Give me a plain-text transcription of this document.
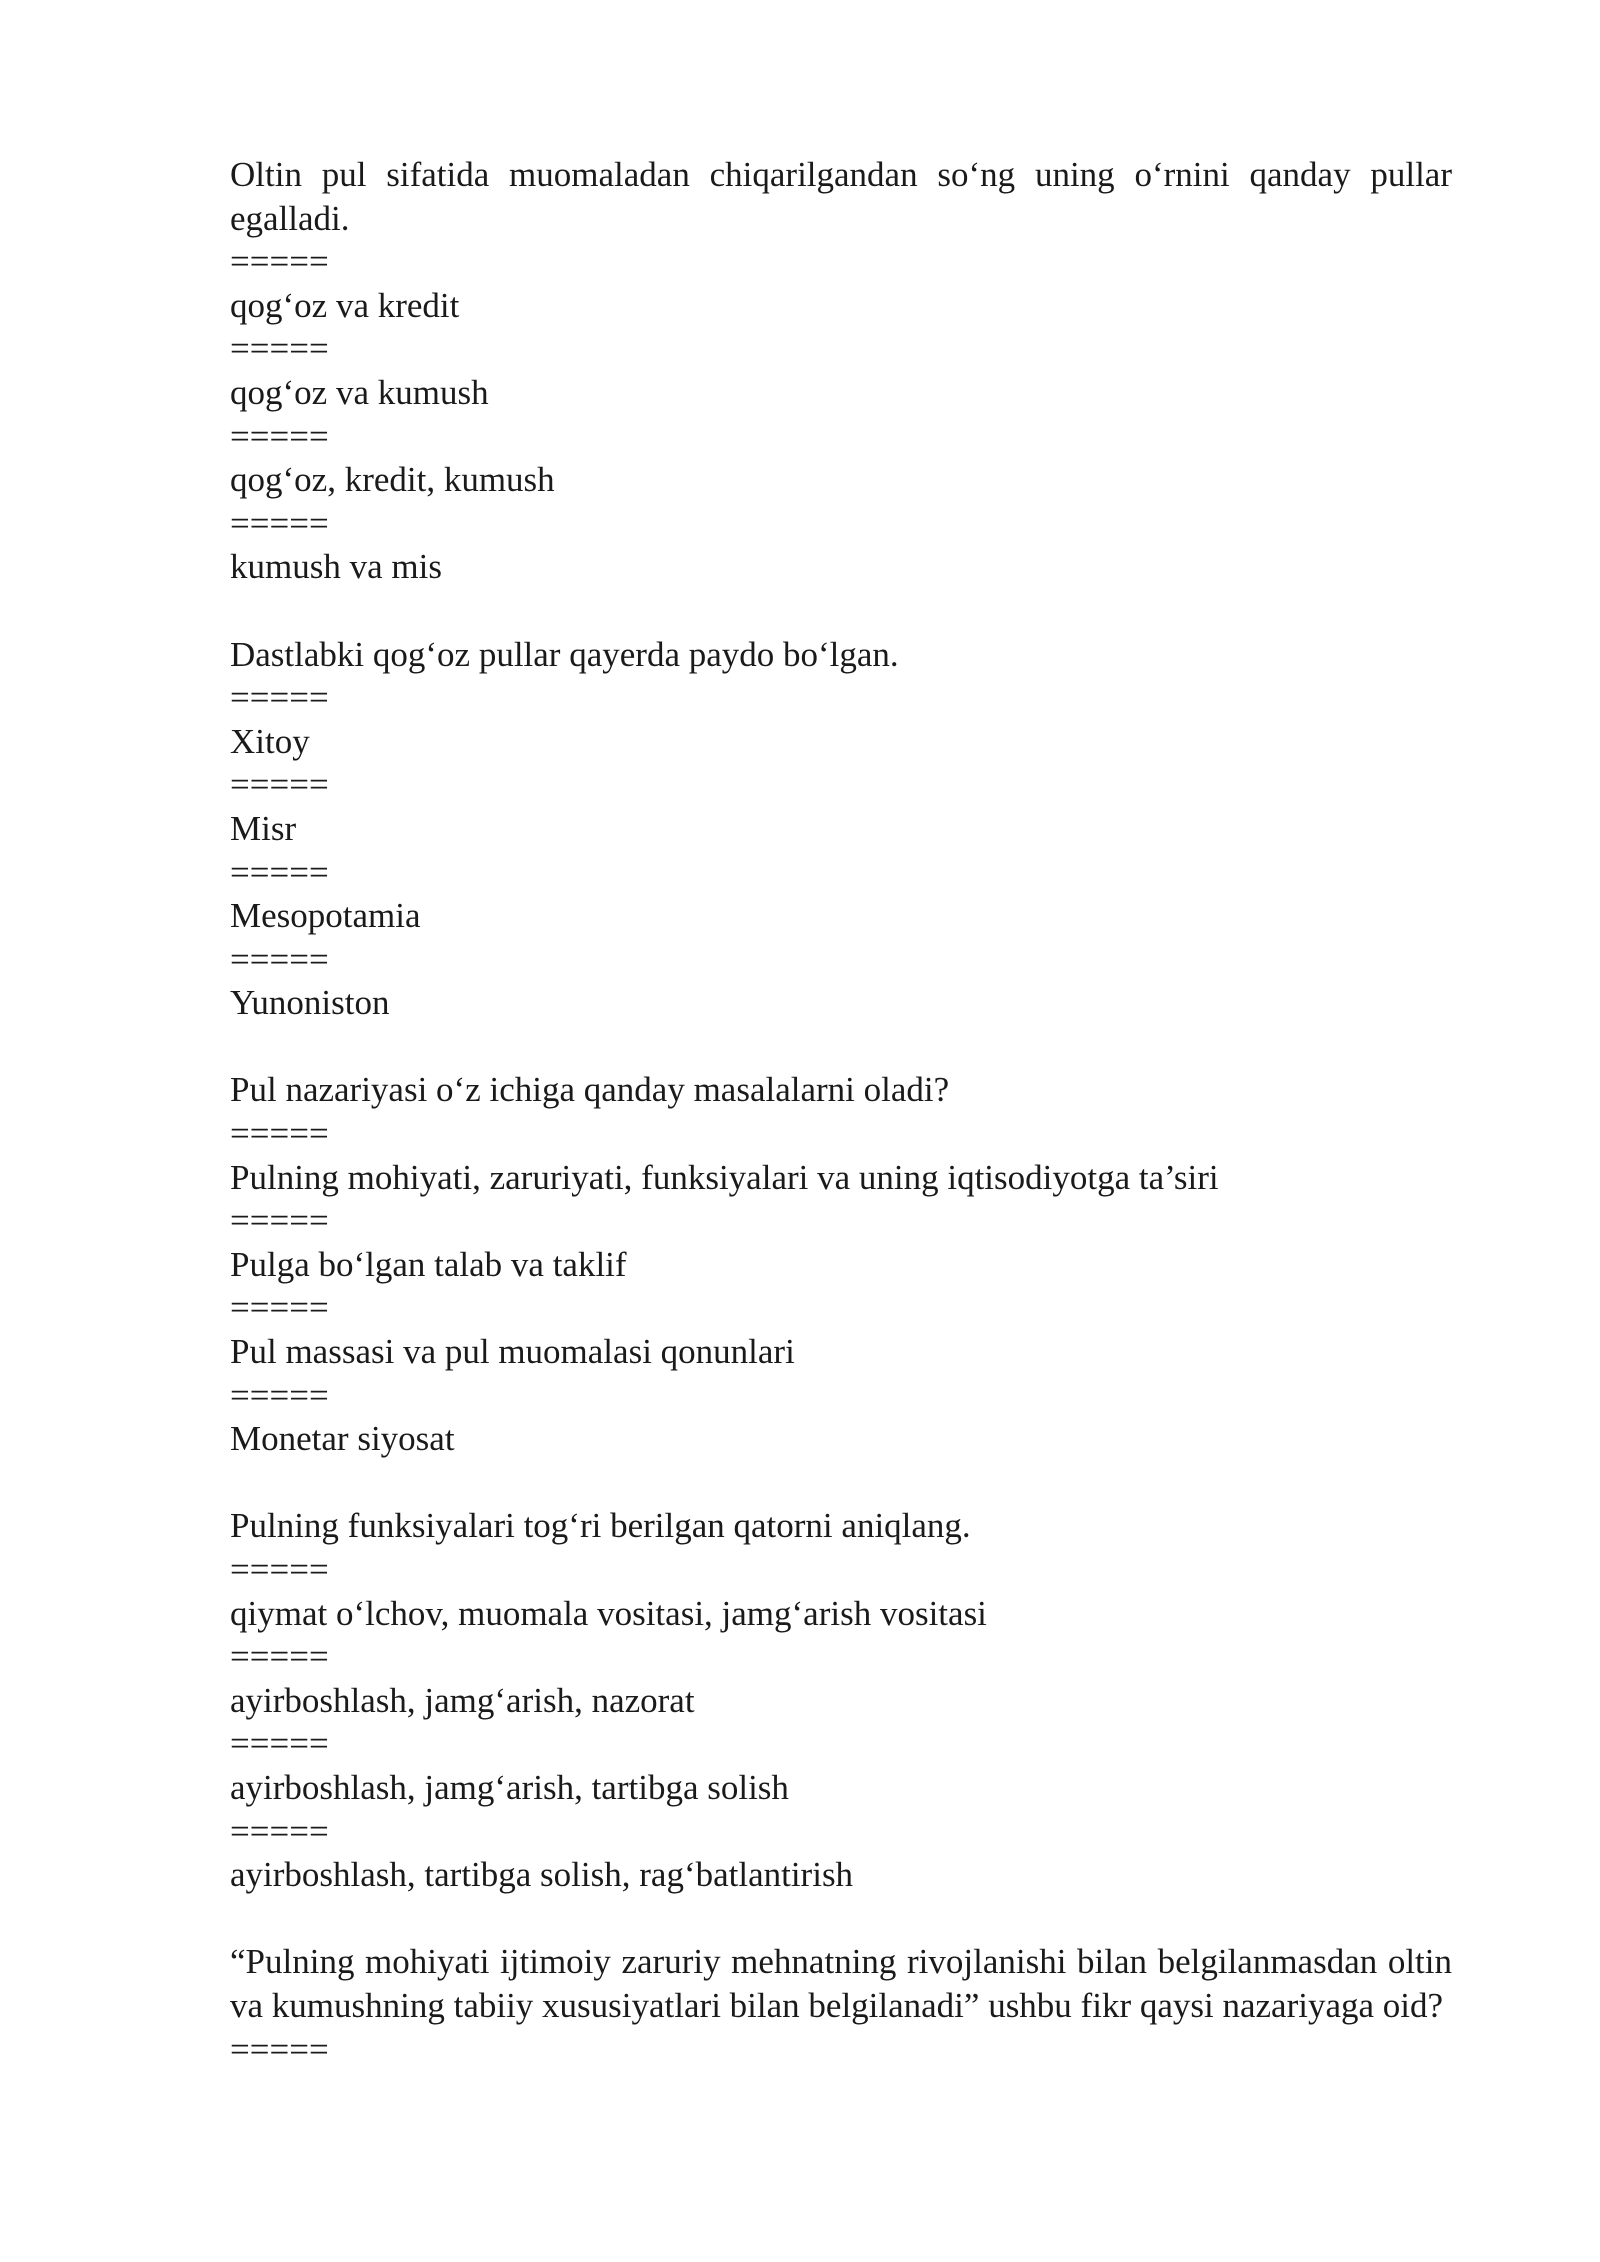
Oltin pul sifatida muomaladan chiqarilgandan so‘ng uning o‘rnini qanday pullar egalladi.
=====
qog‘oz va kredit
=====
qog‘oz va kumush
=====
qog‘oz, kredit, kumush
=====
kumush va mis
Dastlabki qog‘oz pullar qayerda paydo bo‘lgan.
=====
Xitoy
=====
Misr
=====
Mesopotamia
=====
Yunoniston
Pul nazariyasi o‘z ichiga qanday masalalarni oladi?
=====
Pulning mohiyati, zaruriyati, funksiyalari va uning iqtisodiyotga ta’siri
=====
Pulga bo‘lgan talab va taklif
=====
Pul massasi va pul muomalasi qonunlari
=====
Monetar siyosat
Pulning funksiyalari tog‘ri berilgan qatorni aniqlang.
=====
qiymat o‘lchov, muomala vositasi, jamg‘arish vositasi
=====
ayirboshlash, jamg‘arish, nazorat
=====
ayirboshlash, jamg‘arish, tartibga solish
=====
ayirboshlash, tartibga solish, rag‘batlantirish
“Pulning mohiyati ijtimoiy zaruriy mehnatning rivojlanishi bilan belgilanmasdan oltin va kumushning tabiiy xususiyatlari bilan belgilanadi” ushbu fikr qaysi nazariyaga oid?
=====
